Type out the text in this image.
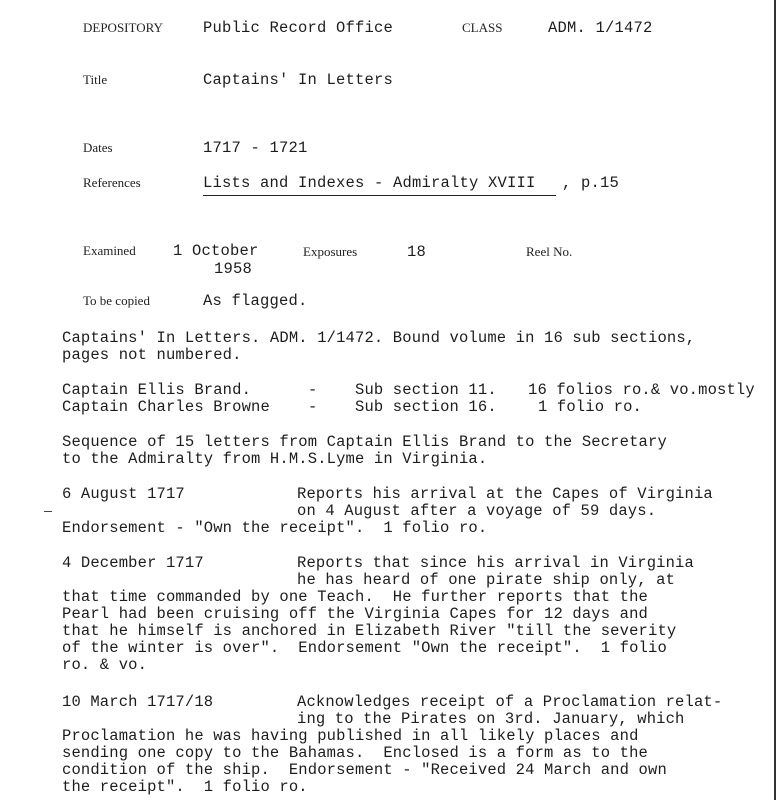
DEPOSITORY	Public Record Office	CLASS	ADM. 1/1472
Title	Captains' In Letters
Dates	1717 - 1721
References	Lists and Indexes - Admiralty XVIII , p.15
Examined 1 October
1958
Exposures	18	Reel No.
To be copied	As flagged.
Captains' In Letters. ADM. 1/1472. Bound volume in 16 sub sections,
pages not numbered.
Captain Ellis Brand.	- Sub section 11. 16 folios ro.& vo.mostly
Captain Charles Browne - Sub section 16.	1 folio ro.
Sequence of 15 letters from Captain Ellis Brand to the Secretary
to the Admiralty from H.M.S.Lyme in Virginia.
6 August 1717	Reports his arrival at the Capes of Virginia
on 4 August after a voyage of 59 days.
Endorsement - "Own the receipt".  1 folio ro.
4 December 1717	Reports that since his arrival in Virginia
he has heard of one pirate ship only, at
that time commanded by one Teach.  He further reports that the
Pearl had been cruising off the Virginia Capes for 12 days and
that he himself is anchored in Elizabeth River "till the severity
of the winter is over".  Endorsement "Own the receipt".  1 folio
ro. & vo.
10 March 1717/18	Acknowledges receipt of a Proclamation relat-
ing to the Pirates on 3rd. January, which
Proclamation he was having published in all likely places and
sending one copy to the Bahamas.  Enclosed is a form as to the
condition of the ship.  Endorsement - "Received 24 March and own
the receipt".  1 folio ro.
